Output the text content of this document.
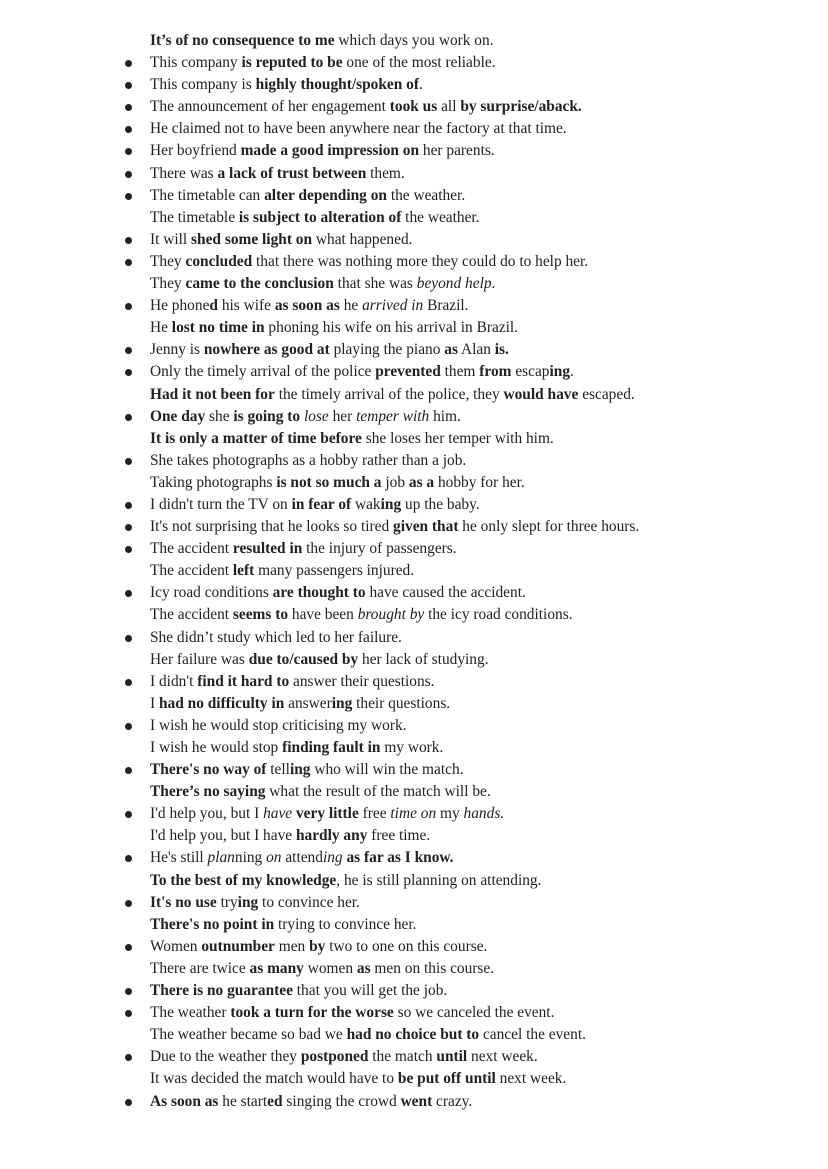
It’s of no consequence to me which days you work on.
This company is reputed to be one of the most reliable.
This company is highly thought/spoken of.
The announcement of her engagement took us all by surprise/aback.
He claimed not to have been anywhere near the factory at that time.
Her boyfriend made a good impression on her parents.
There was a lack of trust between them.
The timetable can alter depending on the weather.
The timetable is subject to alteration of the weather.
It will shed some light on what happened.
They concluded that there was nothing more they could do to help her.
They came to the conclusion that she was beyond help.
He phoned his wife as soon as he arrived in Brazil.
He lost no time in phoning his wife on his arrival in Brazil.
Jenny is nowhere as good at playing the piano as Alan is.
Only the timely arrival of the police prevented them from escaping.
Had it not been for the timely arrival of the police, they would have escaped.
One day she is going to lose her temper with him.
It is only a matter of time before she loses her temper with him.
She takes photographs as a hobby rather than a job.
Taking photographs is not so much a job as a hobby for her.
I didn't turn the TV on in fear of waking up the baby.
It's not surprising that he looks so tired given that he only slept for three hours.
The accident resulted in the injury of passengers.
The accident left many passengers injured.
Icy road conditions are thought to have caused the accident.
The accident seems to have been brought by the icy road conditions.
She didn’t study which led to her failure.
Her failure was due to/caused by her lack of studying.
I didn't find it hard to answer their questions.
I had no difficulty in answering their questions.
I wish he would stop criticising my work.
I wish he would stop finding fault in my work.
There's no way of telling who will win the match.
There’s no saying what the result of the match will be.
I'd help you, but I have very little free time on my hands.
I'd help you, but I have hardly any free time.
He's still planning on attending as far as I know.
To the best of my knowledge, he is still planning on attending.
It's no use trying to convince her.
There's no point in trying to convince her.
Women outnumber men by two to one on this course.
There are twice as many women as men on this course.
There is no guarantee that you will get the job.
The weather took a turn for the worse so we canceled the event.
The weather became so bad we had no choice but to cancel the event.
Due to the weather they postponed the match until next week.
It was decided the match would have to be put off until next week.
As soon as he started singing the crowd went crazy.
